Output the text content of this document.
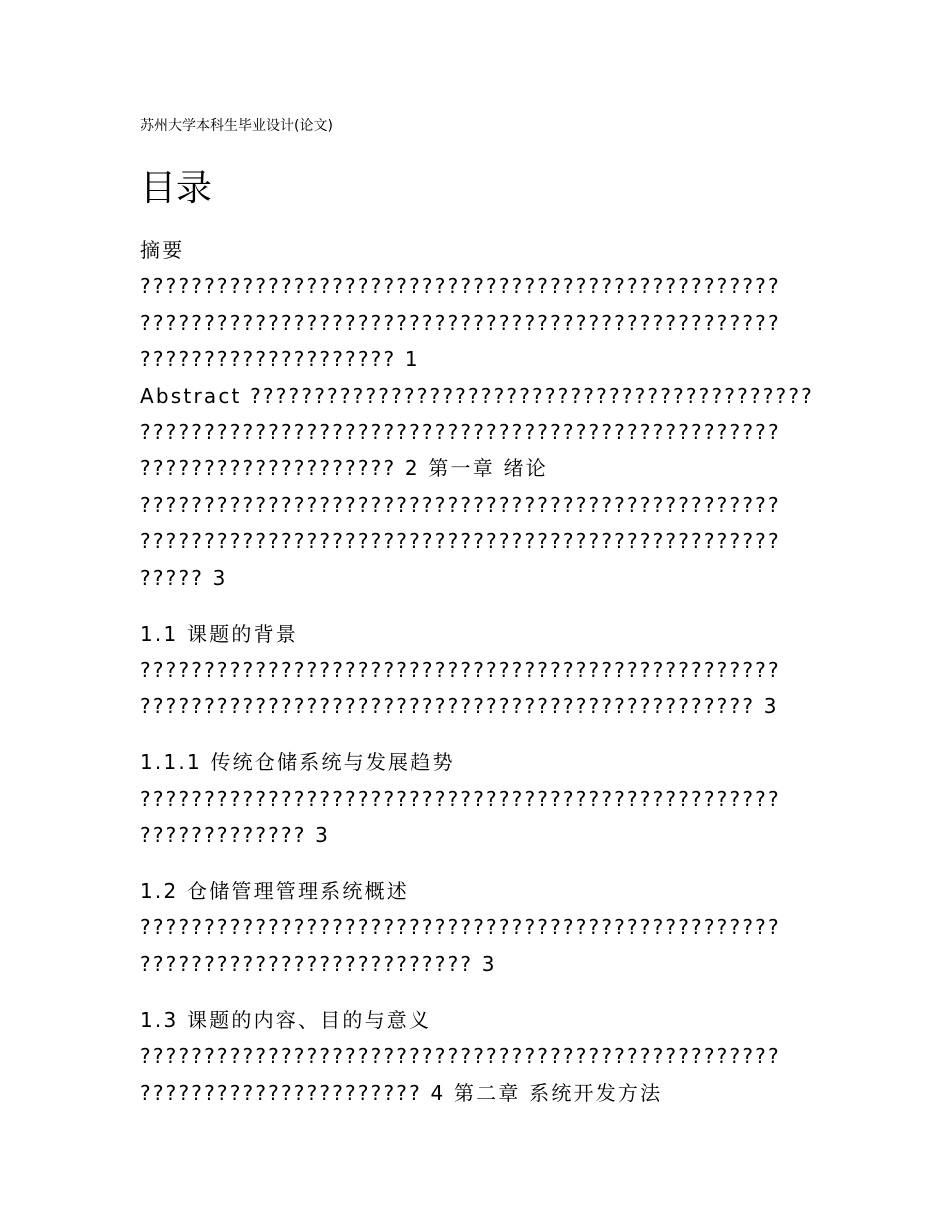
苏州大学本科生毕业设计(论文)
目录
摘要
??????????????????????????????????????????????????
??????????????????????????????????????????????????
???????????????????? 1
Abstract ????????????????????????????????????????????
??????????????????????????????????????????????????
???????????????????? 2 第一章 绪论
??????????????????????????????????????????????????
??????????????????????????????????????????????????
????? 3
1.1 课题的背景
??????????????????????????????????????????????????
???????????????????????????????????????????????? 3
1.1.1 传统仓储系统与发展趋势
??????????????????????????????????????????????????
????????????? 3
1.2 仓储管理管理系统概述
??????????????????????????????????????????????????
?????????????????????????? 3
1.3 课题的内容、目的与意义
??????????????????????????????????????????????????
?????????????????????? 4 第二章 系统开发方法
